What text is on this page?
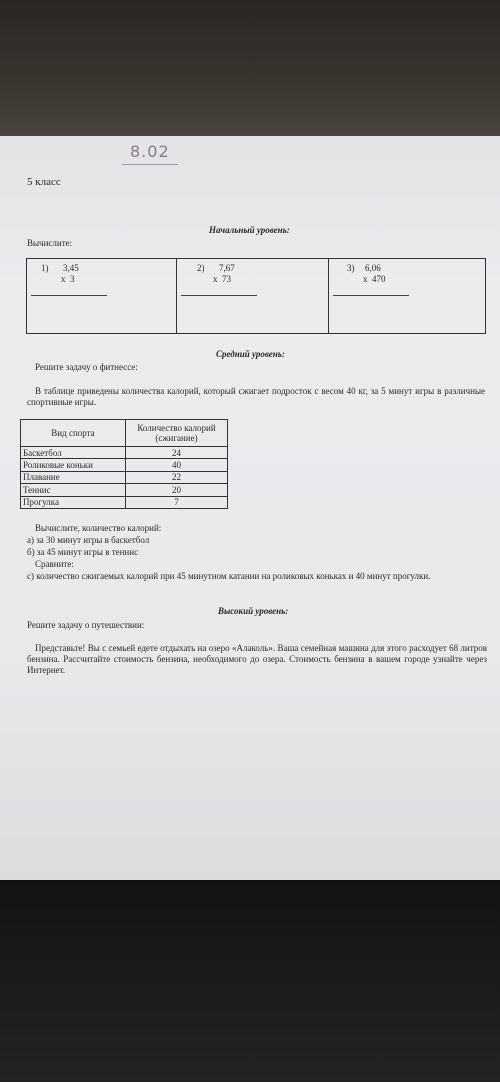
8.02
5 класс
Начальный уровень:
Вычислите:
1) 3,45
x  3
2) 7,67
x  73
3) 6,06
x  470
Средний уровень:
Решите задачу о фитнессе:
В таблице приведены количества калорий, который сжигает подросток с весом 40 кг, за 5 минут игры в различные спортивные игры.
Вид спорта	Количество калорий (сжигание)
Баскетбол	24
Роликовые коньки	40
Плавание	22
Теннис	20
Прогулка	7
Вычислите, количество калорий:
а) за 30 минут игры в баскетбол
б) за 45 минут игры в теннис
Сравните:
с) количество сжигаемых калорий при 45 минутном катании на роликовых коньках и 40 минут прогулки.
Высокий уровень:
Решите задачу о путешествии:
Представьте! Вы с семьей едете отдыхать на озеро «Алаколь». Ваша семейная машина для этого расходует 68 литров бензина. Рассчитайте стоимость бензина, необходимого до озера. Стоимость бензина в вашем городе узнайте через Интернет.
